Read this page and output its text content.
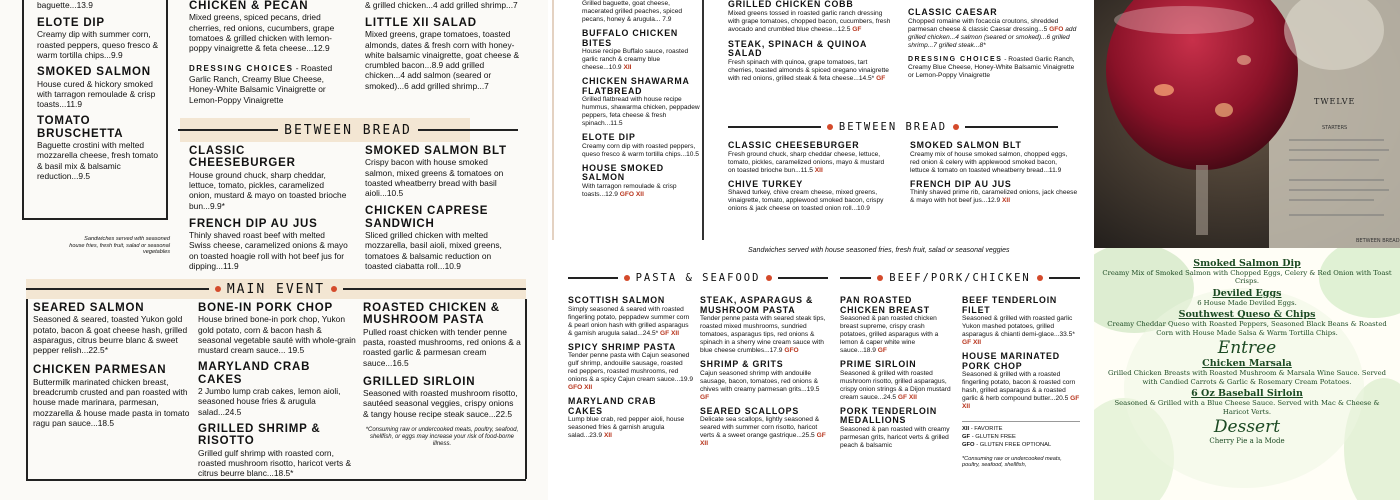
baguette...13.9	& grilled chicken...4 add grilled shrimp...7
ELOTE DIP
Creamy dip with summer corn, roasted peppers, queso fresco & warm tortilla chips...9.9
SMOKED SALMON
House cured & hickory smoked with tarragon remoulade & crisp toasts...11.9
TOMATO BRUSCHETTA
Baguette crostini with melted mozzarella cheese, fresh tomato & basil mix & balsamic reduction...9.5
CHICKEN & PECAN
Mixed greens, spiced pecans, dried cherries, red onions, cucumbers, grape tomatoes & grilled chicken with lemon-poppy vinaigrette & feta cheese...12.9
DRESSING CHOICES - Roasted Garlic Ranch, Creamy Blue Cheese, Honey-White Balsamic Vinaigrette or Lemon-Poppy Vinaigrette
LITTLE XII SALAD
Mixed greens, grape tomatoes, toasted almonds, dates & fresh corn with honey-white balsamic vinaigrette, goat cheese & crumbled bacon...8.9 add grilled chicken...4 add salmon (seared or smoked)...6 add grilled shrimp...7
BETWEEN BREAD
CLASSIC CHEESEBURGER
House ground chuck, sharp cheddar, lettuce, tomato, pickles, caramelized onion, mustard & mayo on toasted brioche bun...9.9*
FRENCH DIP AU JUS
Thinly shaved roast beef with melted Swiss cheese, caramelized onions & mayo on toasted hoagie roll with hot beef jus for dipping...11.9
SMOKED SALMON BLT
Crispy bacon with house smoked salmon, mixed greens & tomatoes on toasted wheatberry bread with basil aioli...10.5
CHICKEN CAPRESE SANDWICH
Sliced grilled chicken with melted mozzarella, basil aioli, mixed greens, tomatoes & balsamic reduction on toasted ciabatta roll...10.9
Sandwiches served with seasoned house fries, fresh fruit, salad or seasonal vegetables
MAIN EVENT
SEARED SALMON
Seasoned & seared, toasted Yukon gold potato, bacon & goat cheese hash, grilled asparagus, citrus beurre blanc & sweet pepper relish...22.5*
CHICKEN PARMESAN
Buttermilk marinated chicken breast, breadcrumb crusted and pan roasted with house made marinara, parmesan, mozzarella & house made pasta in tomato ragu pan sauce...18.5
BONE-IN PORK CHOP
House brined bone-in pork chop, Yukon gold potato, corn & bacon hash & seasonal vegetable sauté with whole-grain mustard cream sauce... 19.5
MARYLAND CRAB CAKES
2 Jumbo lump crab cakes, lemon aioli, seasoned house fries & arugula salad...24.5
GRILLED SHRIMP & RISOTTO
Grilled gulf shrimp with roasted corn, roasted mushroom risotto, haricot verts & citrus beurre blanc...18.5*
ROASTED CHICKEN & MUSHROOM PASTA
Pulled roast chicken with tender penne pasta, roasted mushrooms, red onions & a roasted garlic & parmesan cream sauce...16.5
GRILLED SIRLOIN
Seasoned with roasted mushroom risotto, sautéed seasonal veggies, crispy onions & tangy house recipe steak sauce...22.5
*Consuming raw or undercooked meats, poultry, seafood, shellfish, or eggs may increase your risk of food-borne illness.
Grilled baguette, goat cheese, macerated grilled peaches, spiced pecans, honey & arugula... 7.9
BUFFALO CHICKEN BITES
House recipe Buffalo sauce, roasted garlic ranch & creamy blue cheese...10.9 XII
CHICKEN SHAWARMA FLATBREAD
Grilled flatbread with house recipe hummus, shawarma chicken, peppadew peppers, feta cheese & fresh spinach...11.5
ELOTE DIP
Creamy corn dip with roasted peppers, queso fresco & warm tortilla chips...10.5
HOUSE SMOKED SALMON
With tarragon remoulade & crisp toasts...12.9 GFO XII
GRILLED CHICKEN COBB
Mixed greens tossed in roasted garlic ranch dressing with grape tomatoes, chopped bacon, cucumbers, fresh avocado and crumbled blue cheese...12.5 GF
STEAK, SPINACH & QUINOA SALAD
Fresh spinach with quinoa, grape tomatoes, tart cherries, toasted almonds & spiced oregano vinaigrette with red onions, grilled steak & feta cheese...14.5* GF
CLASSIC CAESAR
Chopped romaine with focaccia croutons, shredded parmesan cheese & classic Caesar dressing...5 GFO add grilled chicken...4 salmon (seared or smoked)...6 grilled shrimp...7 grilled steak...8*
DRESSING CHOICES - Roasted Garlic Ranch, Creamy Blue Cheese, Honey-White Balsamic Vinaigrette or Lemon-Poppy Vinaigrette
BETWEEN BREAD
CLASSIC CHEESEBURGER
Fresh ground chuck, sharp cheddar cheese, lettuce, tomato, pickles, caramelized onions, mayo & mustard on toasted brioche bun...11.5 XII
CHIVE TURKEY
Shaved turkey, chive cream cheese, mixed greens, vinaigrette, tomato, applewood smoked bacon, crispy onions & jack cheese on toasted onion roll...10.9
SMOKED SALMON BLT
Creamy mix of house smoked salmon, chopped eggs, red onion & celery with applewood smoked bacon, lettuce & tomato on toasted wheatberry bread...11.9
FRENCH DIP AU JUS
Thinly shaved prime rib, caramelized onions, jack cheese & mayo with hot beef jus...12.9 XII
Sandwiches served with house seasoned fries, fresh fruit, salad or seasonal veggies
PASTA & SEAFOOD
SCOTTISH SALMON
Simply seasoned & seared with roasted fingerling potato, peppadew summer corn & pearl onion hash with grilled asparagus & garnish arugula salad...24.5* GF XII
SPICY SHRIMP PASTA
Tender penne pasta with Cajun seasoned gulf shrimp, andouille sausage, roasted red peppers, roasted mushrooms, red onions & a spicy Cajun cream sauce...19.9 GFO XII
MARYLAND CRAB CAKES
Lump blue crab, red pepper aioli, house seasoned fries & garnish arugula salad...23.9 XII
STEAK, ASPARAGUS & MUSHROOM PASTA
Tender penne pasta with seared steak tips, roasted mixed mushrooms, sundried tomatoes, asparagus tips, red onions & spinach in a sherry wine cream sauce with blue cheese crumbles...17.9 GFO
SHRIMP & GRITS
Cajun seasoned shrimp with andouille sausage, bacon, tomatoes, red onions & chives with creamy parmesan grits...19.5 GF
SEARED SCALLOPS
Delicate sea scallops, lightly seasoned & seared with summer corn risotto, haricot verts & a sweet orange gastrique...25.5 GF XII
BEEF/PORK/CHICKEN
PAN ROASTED CHICKEN BREAST
Seasoned & pan roasted chicken breast supreme, crispy crash potatoes, grilled asparagus with a lemon & caper white wine sauce...18.9 GF
PRIME SIRLOIN
Seasoned & grilled with roasted mushroom risotto, grilled asparagus, crispy onion strings & a Dijon mustard cream sauce...24.5 GF XII
PORK TENDERLOIN MEDALLIONS
Seasoned & pan roasted with creamy parmesan grits, haricot verts & grilled peach & balsamic
BEEF TENDERLOIN FILET
Seasoned & grilled with roasted garlic Yukon mashed potatoes, grilled asparagus & chianti demi-glace...33.5* GF XII
HOUSE MARINATED PORK CHOP
Seasoned & grilled with a roasted fingerling potato, bacon & roasted corn hash, grilled asparagus & a roasted garlic & herb compound butter...20.5 GF XII
XII - FAVORITE
GF - GLUTEN FREE
GFO - GLUTEN FREE OPTIONAL
*Consuming raw or undercooked meats, poultry, seafood, shellfish,
TWELVE
STARTERS
BETWEEN BREAD
Smoked Salmon Dip
Creamy Mix of Smoked Salmon with Chopped Eggs, Celery & Red Onion with Toast Crisps.
Deviled Eggs
6 House Made Deviled Eggs.
Southwest Queso & Chips
Creamy Cheddar Queso with Roasted Peppers, Seasoned Black Beans & Roasted Corn with House Made Salsa & Warm Tortilla Chips.
Entree
Chicken Marsala
Grilled Chicken Breasts with Roasted Mushroom & Marsala Wine Sauce. Served with Candied Carrots & Garlic & Rosemary Cream Potatoes.
6 Oz Baseball Sirloin
Seasoned & Grilled with a Blue Cheese Sauce. Served with Mac & Cheese & Haricot Verts.
Dessert
Cherry Pie a la Mode
